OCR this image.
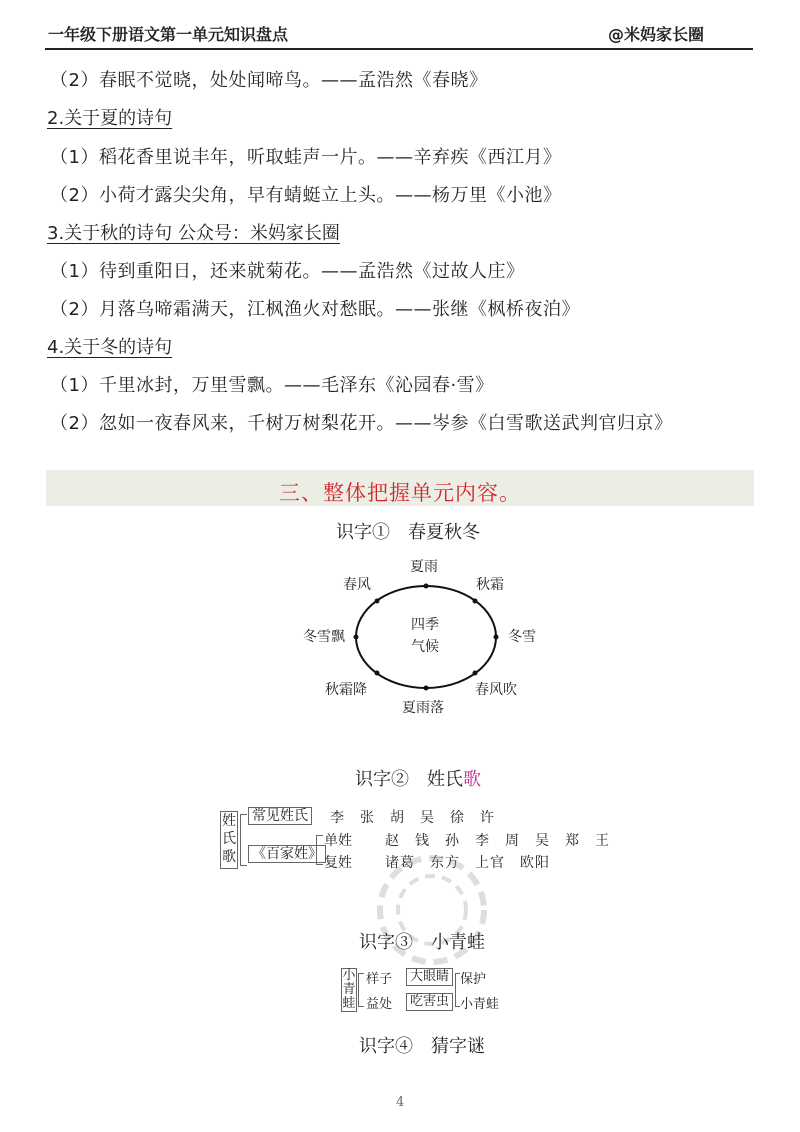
一年级下册语文第一单元知识盘点	@米妈家长圈
（2）春眠不觉晓，处处闻啼鸟。——孟浩然《春晓》
2.关于夏的诗句
（1）稻花香里说丰年，听取蛙声一片。——辛弃疾《西江月》
（2）小荷才露尖尖角，早有蜻蜓立上头。——杨万里《小池》
3.关于秋的诗句 公众号：米妈家长圈
（1）待到重阳日，还来就菊花。——孟浩然《过故人庄》
（2）月落乌啼霜满天，江枫渔火对愁眠。——张继《枫桥夜泊》
4.关于冬的诗句
（1）千里冰封，万里雪飘。——毛泽东《沁园春·雪》
（2）忽如一夜春风来，千树万树梨花开。——岑参《白雪歌送武判官归京》
三、整体把握单元内容。
识字①　春夏秋冬
夏雨
秋霜
冬雪
春风吹
夏雨落
秋霜降
冬雪飘
春风
四季
气候
识字②　姓氏歌
姓氏歌
常见姓氏 李　张　胡　吴　徐　许
《百家姓》
单姓 赵　钱　孙　李　周　吴　郑　王
复姓 诸葛　东方　上官　欧阳
识字③　小青蛙
小青蛙
样子	大眼睛 保护
益处	吃害虫 小青蛙
识字④　猜字谜
4
